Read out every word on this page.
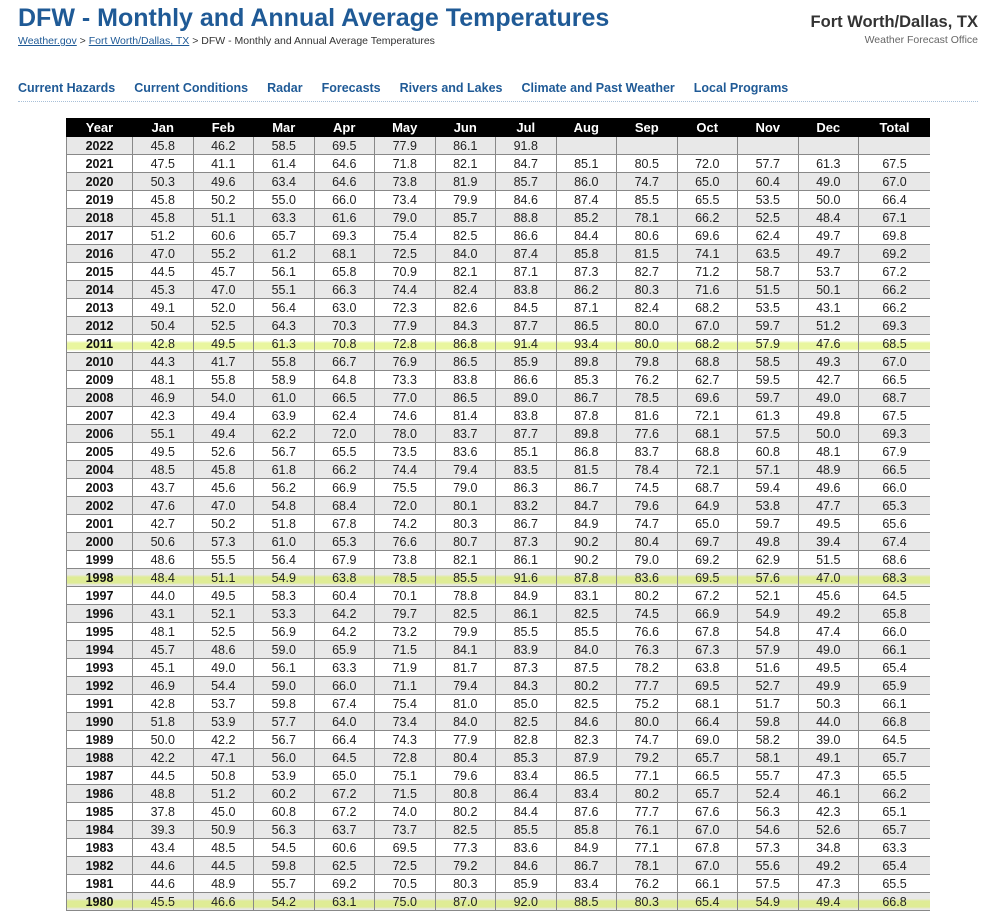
DFW - Monthly and Annual Average Temperatures
Weather.gov > Fort Worth/Dallas, TX > DFW - Monthly and Annual Average Temperatures
Fort Worth/Dallas, TX
Weather Forecast Office
Current Hazards Current Conditions Radar Forecasts Rivers and Lakes Climate and Past Weather Local Programs
Year	Jan	Feb	Mar	Apr	May	Jun	Jul	Aug	Sep	Oct	Nov	Dec	Total
2022	45.8	46.2	58.5	69.5	77.9	86.1	91.8						
2021	47.5	41.1	61.4	64.6	71.8	82.1	84.7	85.1	80.5	72.0	57.7	61.3	67.5
2020	50.3	49.6	63.4	64.6	73.8	81.9	85.7	86.0	74.7	65.0	60.4	49.0	67.0
2019	45.8	50.2	55.0	66.0	73.4	79.9	84.6	87.4	85.5	65.5	53.5	50.0	66.4
2018	45.8	51.1	63.3	61.6	79.0	85.7	88.8	85.2	78.1	66.2	52.5	48.4	67.1
2017	51.2	60.6	65.7	69.3	75.4	82.5	86.6	84.4	80.6	69.6	62.4	49.7	69.8
2016	47.0	55.2	61.2	68.1	72.5	84.0	87.4	85.8	81.5	74.1	63.5	49.7	69.2
2015	44.5	45.7	56.1	65.8	70.9	82.1	87.1	87.3	82.7	71.2	58.7	53.7	67.2
2014	45.3	47.0	55.1	66.3	74.4	82.4	83.8	86.2	80.3	71.6	51.5	50.1	66.2
2013	49.1	52.0	56.4	63.0	72.3	82.6	84.5	87.1	82.4	68.2	53.5	43.1	66.2
2012	50.4	52.5	64.3	70.3	77.9	84.3	87.7	86.5	80.0	67.0	59.7	51.2	69.3
2011	42.8	49.5	61.3	70.8	72.8	86.8	91.4	93.4	80.0	68.2	57.9	47.6	68.5
2010	44.3	41.7	55.8	66.7	76.9	86.5	85.9	89.8	79.8	68.8	58.5	49.3	67.0
2009	48.1	55.8	58.9	64.8	73.3	83.8	86.6	85.3	76.2	62.7	59.5	42.7	66.5
2008	46.9	54.0	61.0	66.5	77.0	86.5	89.0	86.7	78.5	69.6	59.7	49.0	68.7
2007	42.3	49.4	63.9	62.4	74.6	81.4	83.8	87.8	81.6	72.1	61.3	49.8	67.5
2006	55.1	49.4	62.2	72.0	78.0	83.7	87.7	89.8	77.6	68.1	57.5	50.0	69.3
2005	49.5	52.6	56.7	65.5	73.5	83.6	85.1	86.8	83.7	68.8	60.8	48.1	67.9
2004	48.5	45.8	61.8	66.2	74.4	79.4	83.5	81.5	78.4	72.1	57.1	48.9	66.5
2003	43.7	45.6	56.2	66.9	75.5	79.0	86.3	86.7	74.5	68.7	59.4	49.6	66.0
2002	47.6	47.0	54.8	68.4	72.0	80.1	83.2	84.7	79.6	64.9	53.8	47.7	65.3
2001	42.7	50.2	51.8	67.8	74.2	80.3	86.7	84.9	74.7	65.0	59.7	49.5	65.6
2000	50.6	57.3	61.0	65.3	76.6	80.7	87.3	90.2	80.4	69.7	49.8	39.4	67.4
1999	48.6	55.5	56.4	67.9	73.8	82.1	86.1	90.2	79.0	69.2	62.9	51.5	68.6
1998	48.4	51.1	54.9	63.8	78.5	85.5	91.6	87.8	83.6	69.5	57.6	47.0	68.3
1997	44.0	49.5	58.3	60.4	70.1	78.8	84.9	83.1	80.2	67.2	52.1	45.6	64.5
1996	43.1	52.1	53.3	64.2	79.7	82.5	86.1	82.5	74.5	66.9	54.9	49.2	65.8
1995	48.1	52.5	56.9	64.2	73.2	79.9	85.5	85.5	76.6	67.8	54.8	47.4	66.0
1994	45.7	48.6	59.0	65.9	71.5	84.1	83.9	84.0	76.3	67.3	57.9	49.0	66.1
1993	45.1	49.0	56.1	63.3	71.9	81.7	87.3	87.5	78.2	63.8	51.6	49.5	65.4
1992	46.9	54.4	59.0	66.0	71.1	79.4	84.3	80.2	77.7	69.5	52.7	49.9	65.9
1991	42.8	53.7	59.8	67.4	75.4	81.0	85.0	82.5	75.2	68.1	51.7	50.3	66.1
1990	51.8	53.9	57.7	64.0	73.4	84.0	82.5	84.6	80.0	66.4	59.8	44.0	66.8
1989	50.0	42.2	56.7	66.4	74.3	77.9	82.8	82.3	74.7	69.0	58.2	39.0	64.5
1988	42.2	47.1	56.0	64.5	72.8	80.4	85.3	87.9	79.2	65.7	58.1	49.1	65.7
1987	44.5	50.8	53.9	65.0	75.1	79.6	83.4	86.5	77.1	66.5	55.7	47.3	65.5
1986	48.8	51.2	60.2	67.2	71.5	80.8	86.4	83.4	80.2	65.7	52.4	46.1	66.2
1985	37.8	45.0	60.8	67.2	74.0	80.2	84.4	87.6	77.7	67.6	56.3	42.3	65.1
1984	39.3	50.9	56.3	63.7	73.7	82.5	85.5	85.8	76.1	67.0	54.6	52.6	65.7
1983	43.4	48.5	54.5	60.6	69.5	77.3	83.6	84.9	77.1	67.8	57.3	34.8	63.3
1982	44.6	44.5	59.8	62.5	72.5	79.2	84.6	86.7	78.1	67.0	55.6	49.2	65.4
1981	44.6	48.9	55.7	69.2	70.5	80.3	85.9	83.4	76.2	66.1	57.5	47.3	65.5
1980	45.5	46.6	54.2	63.1	75.0	87.0	92.0	88.5	80.3	65.4	54.9	49.4	66.8
